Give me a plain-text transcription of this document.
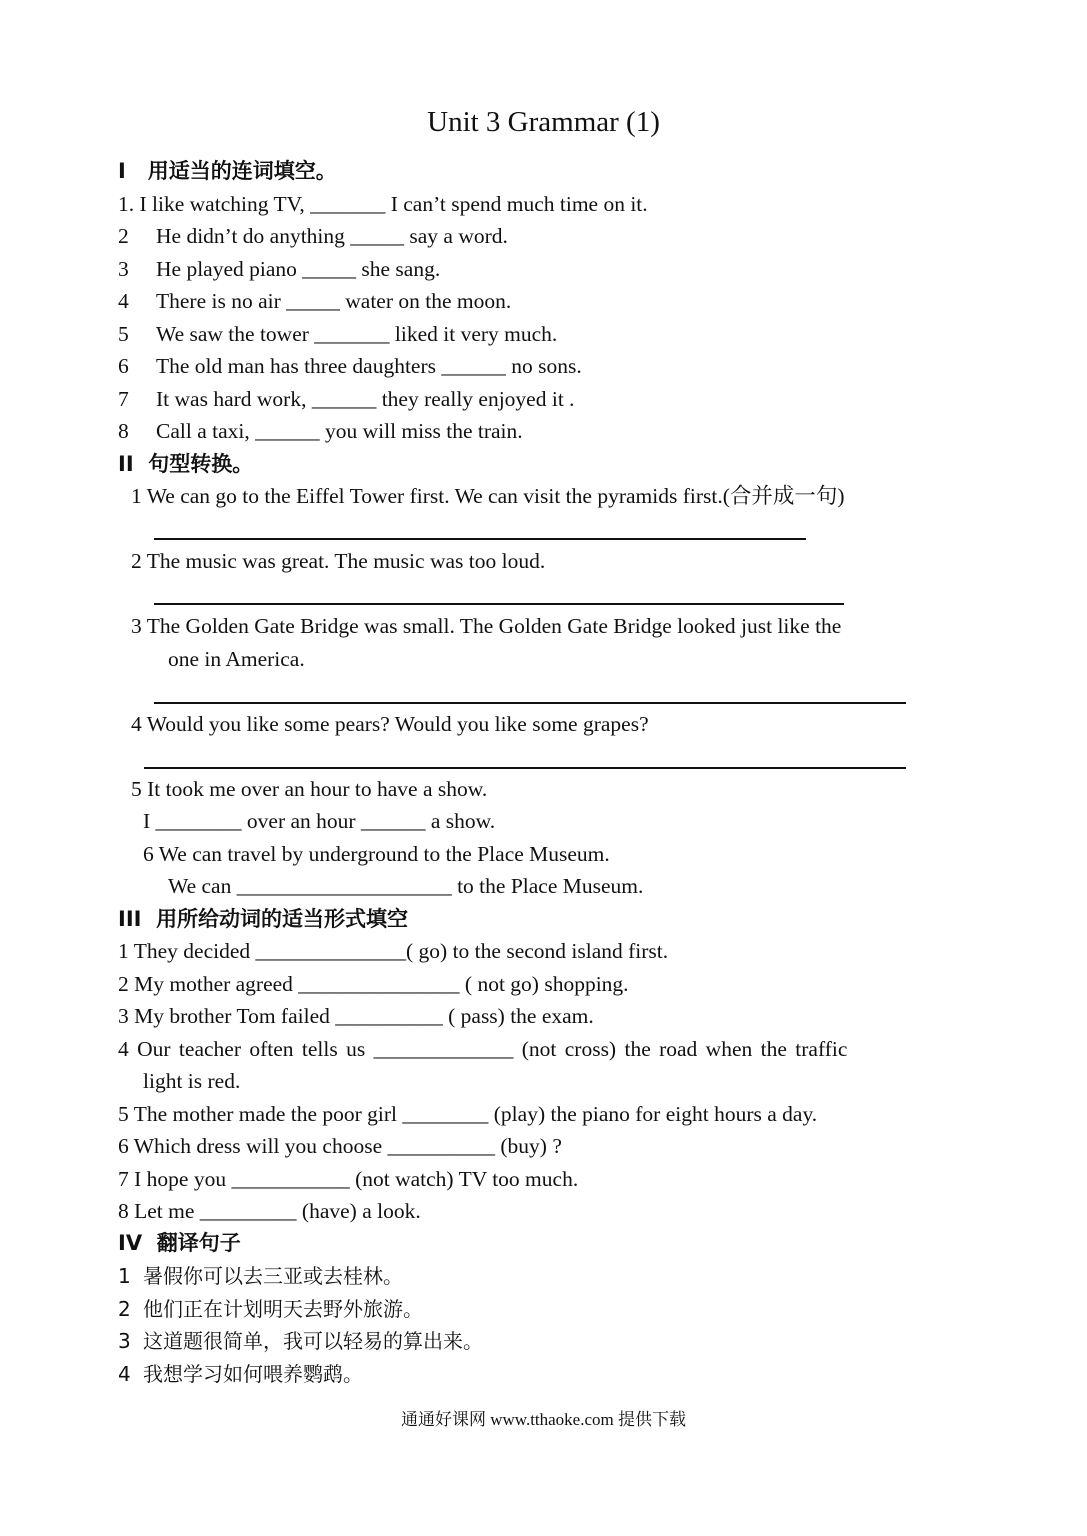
Unit 3 Grammar (1)
I   用适当的连词填空。
1. I like watching TV, _______ I can’t spend much time on it.
2 He didn’t do anything _____ say a word.
3 He played piano _____ she sang.
4 There is no air _____ water on the moon.
5 We saw the tower _______ liked it very much.
6 The old man has three daughters ______ no sons.
7 It was hard work, ______ they really enjoyed it .
8 Call a taxi, ______ you will miss the train.
II  句型转换。
1 We can go to the Eiffel Tower first. We can visit the pyramids first.(合并成一句)
2 The music was great. The music was too loud.
3 The Golden Gate Bridge was small. The Golden Gate Bridge looked just like the
one in America.
4 Would you like some pears? Would you like some grapes?
5 It took me over an hour to have a show.
I ________ over an hour ______ a show.
6 We can travel by underground to the Place Museum.
We can ____________________ to the Place Museum.
III  用所给动词的适当形式填空
1 They decided ______________( go) to the second island first.
2 My mother agreed _______________ ( not go) shopping.
3 My brother Tom failed __________ ( pass) the exam.
4 Our teacher often tells us _____________ (not cross) the road when the traffic
light is red.
5 The mother made the poor girl ________ (play) the piano for eight hours a day.
6 Which dress will you choose __________ (buy) ?
7 I hope you ___________ (not watch) TV too much.
8 Let me _________ (have) a look.
IV  翻译句子
1 暑假你可以去三亚或去桂林。
2 他们正在计划明天去野外旅游。
3 这道题很简单，我可以轻易的算出来。
4 我想学习如何喂养鹦鹉。
通通好课网 www.tthaoke.com 提供下载
